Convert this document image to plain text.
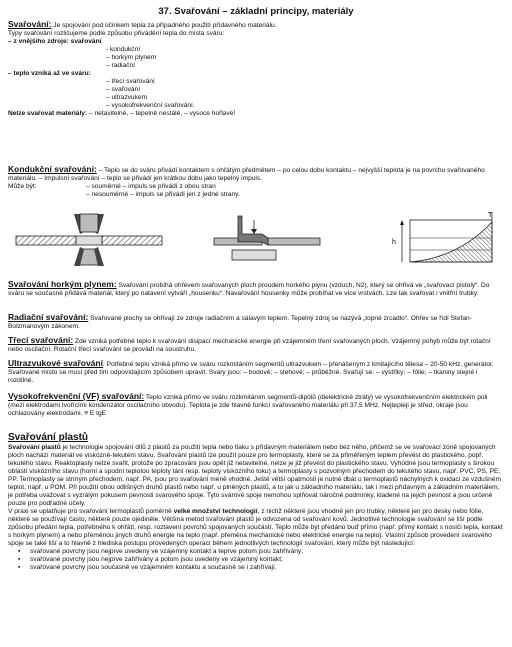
37. Svařování – základní principy, materiály

Svařování: Je spojování pod účinkem tepla za případného použití přídavného materiálu.

Typy svařování rozlišujeme podle způsobu přivádění tepla do místa sváru:

– z vnějšího zdroje: svařování

- kondukční

– horkým plynem

– radiační

– teplo vzniká až ve sváru:

– třecí svařování

– svařování

– ultrazvukem

– vysokofrekvenční svařování.

Nelze svařovat materiály: – netavitelné, – tepelně nestálé, – vysoce hořlavé!

Kondukční svařování: – Teplo se do sváru přivádí kontaktem s ohřátým předmětem – po celou dobu kontaktu – nejvyšší teplota je na povrchu svařovaného materiálu. – Impulsní svařování – teplo se přivádí jen krátkou dobu jako tepelný impuls.

Může být:	– souměrné – impuls se přivádí z obou stran

– nesouměrné – impuls se přivádí jen z jedné strany.

T
h

Svařování horkým plynem: Svařování probíhá ohřevem svařovaných ploch proudem horkého plynu (vzduch, N2), který se ohřívá ve „svařovací pistoly“. Do sváru se současně přidává materiál, který po natavení vytváří „housenku“. Navařování housenky může probíhat ve více vrstvách. Lze tak svařovat i vnitřní trubky.

Radiační svařování: Svařované plochy se ohřívají ze zdroje radiačním a sálavým teplem. Tepelný zdroj se nazývá „topné zrcadlo“. Ohřev se řídí Stefan- Bolzmanovým zákonem.

Třecí svařování: Zde vzniká potřebné teplo k svařování disipací mechanické energie při vzájemném tření svařovaných ploch. Vzájemný pohyb může být rotační nebo oscilační. Rotační třecí svařování se provádí na soustruhu.

Ultrazvukové svařování: Potřebné teplo vzniká přímo ve sváru rozkmitáním segmentů ultrazvukem – přenášeným z kmitajícího tělesa – 20-50 kHz, generátor. Svařované místo se musí před tím odpovídajícím způsobem upravit. Svary jsou: – bodové; – stehové; – průběžné. Svařují se: – výstřiky; – fólie; – tkaniny stejné i rozdílné.

Vysokofrekvenční (VF) svařování: Teplo vzniká přímo ve sváru rozkmitáním segmentů-dipólů (dielektrické ztráty) ve vysokofrekvenčním elektrickém poli (mezi elektrodami tvořícími kondenzátor oscilačního obvodu). Teplota je zde hlavně funkcí svařovaného materiálu při 37,5 MHz. Nejtepleji je střed, okraje jsou ochlazovány elektrodami. ≡ E tgE

Svařování plastů

Svařování plastů je technologie spojování dílů z plastů za použití tepla nebo tlaku s přídavným materiálem nebo bez něho, přičemž se ve svařovací zóně spojovaných ploch nachází materiál ve viskózně-tekutém stavu. Svařování plastů lze použít pouze pro termoplasty, které se za přiměřeným teplem převést do plastického, popř. tekutého stavu. Reaktoplasty nelze svařit, protože po zpracování jsou opět již netavitelné, nelze je již převést do plastického stavu. Vyhodné jsou termoplasty s širokou oblastí viskózního stavu (horní a spodní teplotou teploty tání resp. teploty viskózního toku) a termoplasty s pozvolným přechodem do tekutého stavu, např. PVC, PS, PE, PP. Termoplasty se strmým přechodem, např. PA, jsou pro svařování méně vhodné. Ještě větší opatrnosti je nutné dbát u termoplastů náchylných k oxidaci ze vzdušném teplot, např. u POM. Při použití obou odlišných druhů plastů nebo např. u plněných plastů, a to jak u základního materiálu, tak i mezi přídavným a základním materiálem, je potřeba uvažovat s vyzrálým pokusem pevnosti svarového spoje. Tyto svarové spoje nemohou splňovat náročné podmínky, kladené na jejich pevnost a jsou určené pouze pro podřadné účely.

V praxi se uplatňuje pro svařování termoplastů poměrně velké množství technologií, z nichž některé jsou vhodné jen pro trubky, některé jen pro desky nebo fólie, některé se používají často, některé pouze ojediněle. Většina metod svařování plastů je odvozena od svařování kovů. Jednotlivé technologie svařování se liší podle způsobu předání tepla, potřebného k ohřátí, resp. roztavení povrchů spojovaných součástí. Teplo může být předáno buď přímo (např. přímý kontakt s nosiči tepla, kontakt s horkým plynem) a nebo přeměnou jiných druhů energie na teplo (např. přeměna mechanické nebo elektrické energie na teplo). Vlastní způsob provedení svarového spoje se také liší a to hlavně z hlediska postupu provedených operací během jednotlivých technologií svařování, který může být následující:

▪ svařované povrchy jsou nejprve uvedeny ve vzájemný kontakt a teprve potom jsou zahřívány;

▪ svařované povrchy jsou nejprve zahřívány a potom jsou uvedeny ve vzájemný kontakt;

▪ svařované povrchy jsou současně ve vzájemném kontaktu a současně se i zahřívají.
